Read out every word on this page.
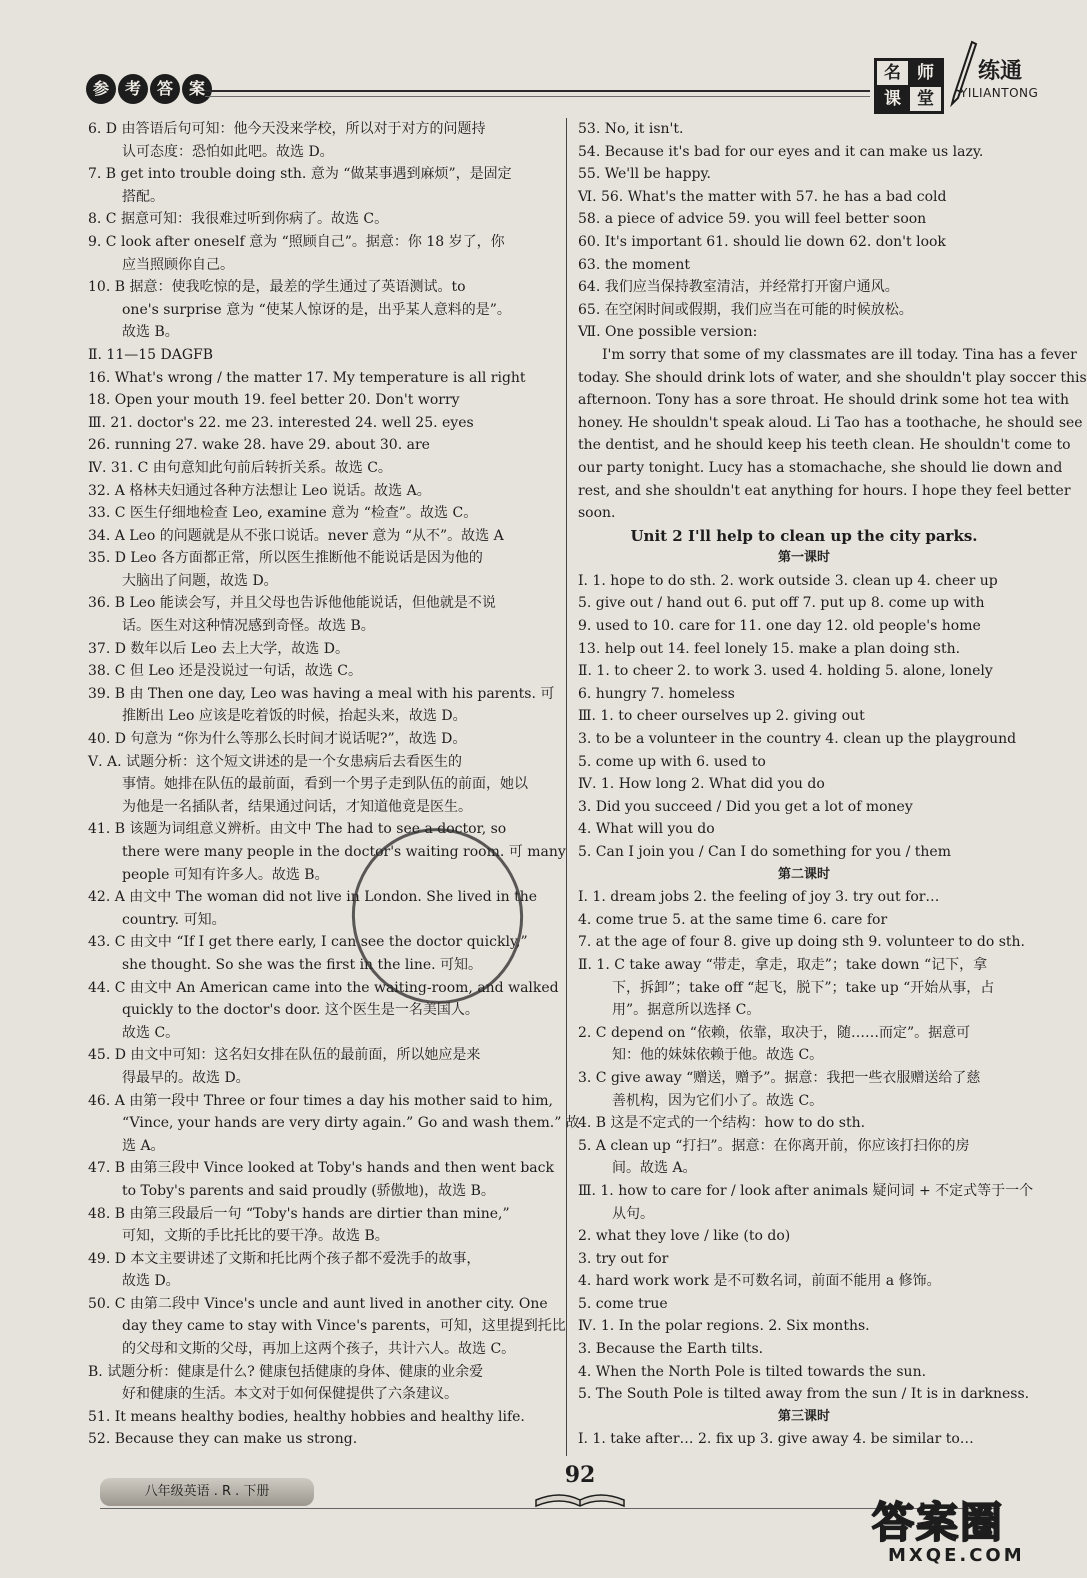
参 考 答 案
名 师
课 堂
练通
YILIANTONG
6. D 由答语后句可知：他今天没来学校，所以对于对方的问题持
认可态度：恐怕如此吧。故选 D。
7. B get into trouble doing sth. 意为 “做某事遇到麻烦”，是固定
搭配。
8. C 据意可知：我很难过听到你病了。故选 C。
9. C look after oneself 意为 “照顾自己”。据意：你 18 岁了，你
应当照顾你自己。
10. B 据意：使我吃惊的是，最差的学生通过了英语测试。to
one's surprise 意为 “使某人惊讶的是，出乎某人意料的是”。
故选 B。
Ⅱ. 11—15 DAGFB
16. What's wrong / the matter 17. My temperature is all right
18. Open your mouth 19. feel better 20. Don't worry
Ⅲ. 21. doctor's 22. me 23. interested 24. well 25. eyes
26. running 27. wake 28. have 29. about 30. are
Ⅳ. 31. C 由句意知此句前后转折关系。故选 C。
32. A 格林夫妇通过各种方法想让 Leo 说话。故选 A。
33. C 医生仔细地检查 Leo, examine 意为 “检查”。故选 C。
34. A Leo 的问题就是从不张口说话。never 意为 “从不”。故选 A
35. D Leo 各方面都正常，所以医生推断他不能说话是因为他的
大脑出了问题，故选 D。
36. B Leo 能读会写，并且父母也告诉他他能说话，但他就是不说
话。医生对这种情况感到奇怪。故选 B。
37. D 数年以后 Leo 去上大学，故选 D。
38. C 但 Leo 还是没说过一句话，故选 C。
39. B 由 Then one day, Leo was having a meal with his parents. 可
推断出 Leo 应该是吃着饭的时候，抬起头来，故选 D。
40. D 句意为 “你为什么等那么长时间才说话呢?”，故选 D。
Ⅴ. A. 试题分析：这个短文讲述的是一个女患病后去看医生的
事情。她排在队伍的最前面，看到一个男子走到队伍的前面，她以
为他是一名插队者，结果通过问话，才知道他竟是医生。
41. B 该题为词组意义辨析。由文中 The had to see a doctor, so
there were many people in the doctor's waiting room. 可 many
people 可知有许多人。故选 B。
42. A 由文中 The woman did not live in London. She lived in the
country. 可知。
43. C 由文中 “If I get there early, I can see the doctor quickly,”
she thought. So she was the first in the line. 可知。
44. C 由文中 An American came into the waiting-room, and walked
quickly to the doctor's door. 这个医生是一名美国人。
故选 C。
45. D 由文中可知：这名妇女排在队伍的最前面，所以她应是来
得最早的。故选 D。
46. A 由第一段中 Three or four times a day his mother said to him,
“Vince, your hands are very dirty again.” Go and wash them.” 故
选 A。
47. B 由第三段中 Vince looked at Toby's hands and then went back
to Toby's parents and said proudly (骄傲地)，故选 B。
48. B 由第三段最后一句 “Toby's hands are dirtier than mine,”
可知，文斯的手比托比的要干净。故选 B。
49. D 本文主要讲述了文斯和托比两个孩子都不爱洗手的故事，
故选 D。
50. C 由第二段中 Vince's uncle and aunt lived in another city. One
day they came to stay with Vince's parents，可知，这里提到托比
的父母和文斯的父母，再加上这两个孩子，共计六人。故选 C。
B. 试题分析：健康是什么? 健康包括健康的身体、健康的业余爱
好和健康的生活。本文对于如何保健提供了六条建议。
51. It means healthy bodies, healthy hobbies and healthy life.
52. Because they can make us strong.
53. No, it isn't.
54. Because it's bad for our eyes and it can make us lazy.
55. We'll be happy.
Ⅵ. 56. What's the matter with 57. he has a bad cold
58. a piece of advice 59. you will feel better soon
60. It's important 61. should lie down 62. don't look
63. the moment
64. 我们应当保持教室清洁，并经常打开窗户通风。
65. 在空闲时间或假期，我们应当在可能的时候放松。
Ⅶ. One possible version:
I'm sorry that some of my classmates are ill today. Tina has a fever
today. She should drink lots of water, and she shouldn't play soccer this
afternoon. Tony has a sore throat. He should drink some hot tea with
honey. He shouldn't speak aloud. Li Tao has a toothache, he should see
the dentist, and he should keep his teeth clean. He shouldn't come to
our party tonight. Lucy has a stomachache, she should lie down and
rest, and she shouldn't eat anything for hours. I hope they feel better
soon.
Unit 2 I'll help to clean up the city parks.
第一课时
Ⅰ. 1. hope to do sth. 2. work outside 3. clean up 4. cheer up
5. give out / hand out 6. put off 7. put up 8. come up with
9. used to 10. care for 11. one day 12. old people's home
13. help out 14. feel lonely 15. make a plan doing sth.
Ⅱ. 1. to cheer 2. to work 3. used 4. holding 5. alone, lonely
6. hungry 7. homeless
Ⅲ. 1. to cheer ourselves up 2. giving out
3. to be a volunteer in the country 4. clean up the playground
5. come up with 6. used to
Ⅳ. 1. How long 2. What did you do
3. Did you succeed / Did you get a lot of money
4. What will you do
5. Can I join you / Can I do something for you / them
第二课时
Ⅰ. 1. dream jobs 2. the feeling of joy 3. try out for…
4. come true 5. at the same time 6. care for
7. at the age of four 8. give up doing sth 9. volunteer to do sth.
Ⅱ. 1. C take away “带走，拿走，取走”；take down “记下，拿
下，拆卸”；take off “起飞，脱下”；take up “开始从事，占
用”。据意所以选择 C。
2. C depend on “依赖，依靠，取决于，随……而定”。据意可
知：他的妹妹依赖于他。故选 C。
3. C give away “赠送，赠予”。据意：我把一些衣服赠送给了慈
善机构，因为它们小了。故选 C。
4. B 这是不定式的一个结构：how to do sth.
5. A clean up “打扫”。据意：在你离开前，你应该打扫你的房
间。故选 A。
Ⅲ. 1. how to care for / look after animals 疑问词 + 不定式等于一个
从句。
2. what they love / like (to do)
3. try out for
4. hard work work 是不可数名词，前面不能用 a 修饰。
5. come true
Ⅳ. 1. In the polar regions. 2. Six months.
3. Because the Earth tilts.
4. When the North Pole is tilted towards the sun.
5. The South Pole is tilted away from the sun / It is in darkness.
第三课时
Ⅰ. 1. take after… 2. fix up 3. give away 4. be similar to…
八年级英语 . R . 下册
92
答案圈
MXQE.COM
